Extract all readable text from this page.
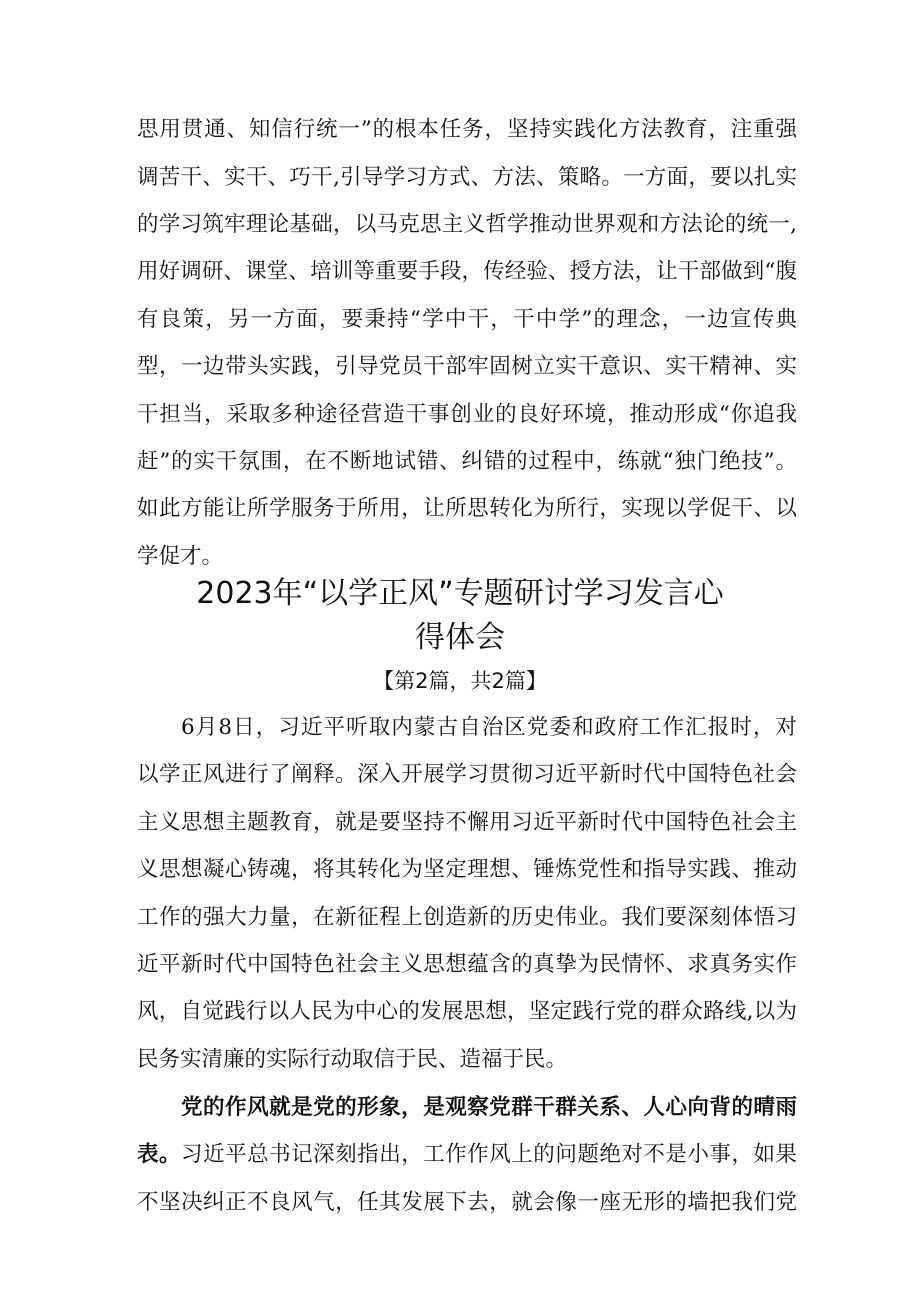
思用贯通、知信行统一”的根本任务，坚持实践化方法教育，注重强
调苦干、实干、巧干,引导学习方式、方法、策略。一方面，要以扎实
的学习筑牢理论基础，以马克思主义哲学推动世界观和方法论的统一,
用好调研、课堂、培训等重要手段，传经验、授方法，让干部做到“腹
有良策，另一方面，要秉持“学中干，干中学”的理念，一边宣传典
型，一边带头实践，引导党员干部牢固树立实干意识、实干精神、实
干担当，采取多种途径营造干事创业的良好环境，推动形成“你追我
赶”的实干氛围，在不断地试错、纠错的过程中，练就“独门绝技”。
如此方能让所学服务于所用，让所思转化为所行，实现以学促干、以
学促才。
2023年“以学正风”专题研讨学习发言心
得体会
【第2篇，共2篇】
6月8日，习近平听取内蒙古自治区党委和政府工作汇报时，对
以学正风进行了阐释。深入开展学习贯彻习近平新时代中国特色社会
主义思想主题教育，就是要坚持不懈用习近平新时代中国特色社会主
义思想凝心铸魂，将其转化为坚定理想、锤炼党性和指导实践、推动
工作的强大力量，在新征程上创造新的历史伟业。我们要深刻体悟习
近平新时代中国特色社会主义思想蕴含的真挚为民情怀、求真务实作
风，自觉践行以人民为中心的发展思想，坚定践行党的群众路线,以为
民务实清廉的实际行动取信于民、造福于民。
党的作风就是党的形象，是观察党群干群关系、人心向背的晴雨
表。习近平总书记深刻指出，工作作风上的问题绝对不是小事，如果
不坚决纠正不良风气，任其发展下去，就会像一座无形的墙把我们党
